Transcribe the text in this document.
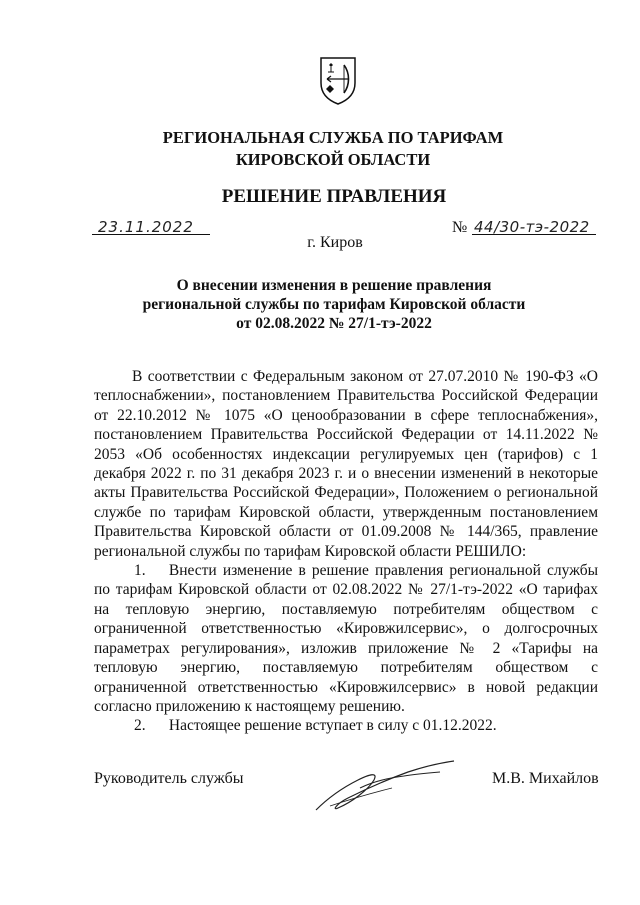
РЕГИОНАЛЬНАЯ СЛУЖБА ПО ТАРИФАМ
КИРОВСКОЙ ОБЛАСТИ
РЕШЕНИЕ ПРАВЛЕНИЯ
23.11.2022	№ 44/30-тэ-2022
г. Киров
О внесении изменения в решение правления
региональной службы по тарифам Кировской области
от 02.08.2022 № 27/1-тэ-2022

В соответствии с Федеральным законом от 27.07.2010 № 190-ФЗ «О теплоснабжении», постановлением Правительства Российской Федерации от 22.10.2012 № 1075 «О ценообразовании в сфере теплоснабжения», постановлением Правительства Российской Федерации от 14.11.2022 № 2053 «Об особенностях индексации регулируемых цен (тарифов) с 1 декабря 2022 г. по 31 декабря 2023 г. и о внесении изменений в некоторые акты Правительства Российской Федерации», Положением о региональной службе по тарифам Кировской области, утвержденным постановлением Правительства Кировской области от 01.09.2008 № 144/365, правление региональной службы по тарифам Кировской области РЕШИЛО:

1.   Внести изменение в решение правления региональной службы по тарифам Кировской области от 02.08.2022 № 27/1-тэ-2022 «О тарифах на тепловую энергию, поставляемую потребителям обществом с ограниченной ответственностью «Кировжилсервис», о долгосрочных параметрах регулирования», изложив приложение № 2 «Тарифы на тепловую энергию, поставляемую потребителям обществом с ограниченной ответственностью «Кировжилсервис» в новой редакции согласно приложению к настоящему решению.

2.   Настоящее решение вступает в силу с 01.12.2022.

Руководитель службы	М.В. Михайлов
